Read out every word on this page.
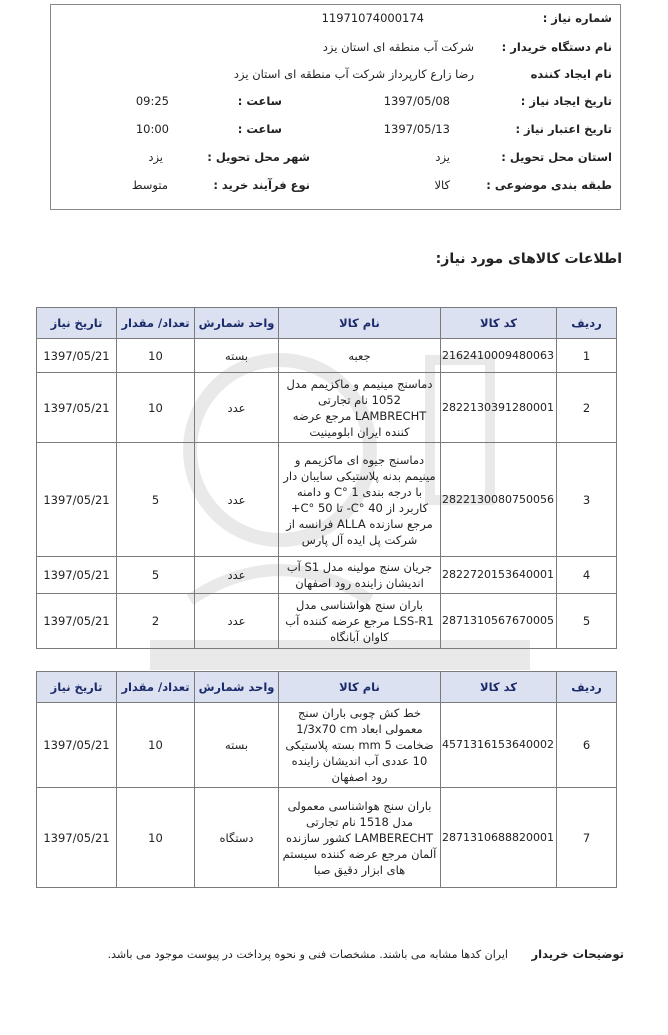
شماره نیاز :
11971074000174
نام دستگاه خریدار :
شرکت آب منطقه ای استان یزد
نام ایجاد کننده
رضا زارع کارپرداز شرکت آب منطقه ای استان یزد
تاریخ ایجاد نیاز :
1397/05/08
ساعت :
09:25
تاریخ اعتبار نیاز :
1397/05/13
ساعت :
10:00
استان محل تحویل :
یزد
شهر محل تحویل :
یزد
طبقه بندی موضوعی :
کالا
نوع فرآیند خرید :
متوسط
اطلاعات کالاهای مورد نیاز:
ردیف	کد کالا	نام کالا	واحد شمارش	تعداد/ مقدار	تاریخ نیاز
1	2162410009480063	جعبه	بسته	10	1397/05/21
2	2822130391280001	دماسنج مینیمم و ماکزیمم مدل 1052 نام تجارتی LAMBRECHT مرجع عرضه کننده ایران ابلومینیت	عدد	10	1397/05/21
3	2822130080750056	دماسنج جیوه ای ماکزیمم و مینیمم بدنه پلاستیکی سایبان دار با درجه بندی C° 1 و دامنه کاربرد از C° 40- تا C° 50+ مرجع سازنده ALLA فرانسه از شرکت پل ایده آل پارس	عدد	5	1397/05/21
4	2822720153640001	جریان سنج مولینه مدل S1 آب اندیشان زاینده رود اصفهان	عدد	5	1397/05/21
5	2871310567670005	باران سنج هواشناسی مدل LSS-R1 مرجع عرضه کننده آب کاوان آبانگاه	عدد	2	1397/05/21
ردیف	کد کالا	نام کالا	واحد شمارش	تعداد/ مقدار	تاریخ نیاز
6	4571316153640002	خط کش چوبی باران سنج معمولی ابعاد 1/3x70 cm ضخامت 5 mm بسته پلاستیکی 10 عددی آب اندیشان زاینده رود اصفهان	بسته	10	1397/05/21
7	2871310688820001	باران سنج هواشناسی معمولی مدل 1518 نام تجارتی LAMBERECHT کشور سازنده آلمان مرجع عرضه کننده سیستم های ابزار دقیق صبا	دستگاه	10	1397/05/21
توضیحات خریدار
ایران کدها مشابه می باشند. مشخصات فنی و نحوه پرداخت در پیوست موجود می باشد.
